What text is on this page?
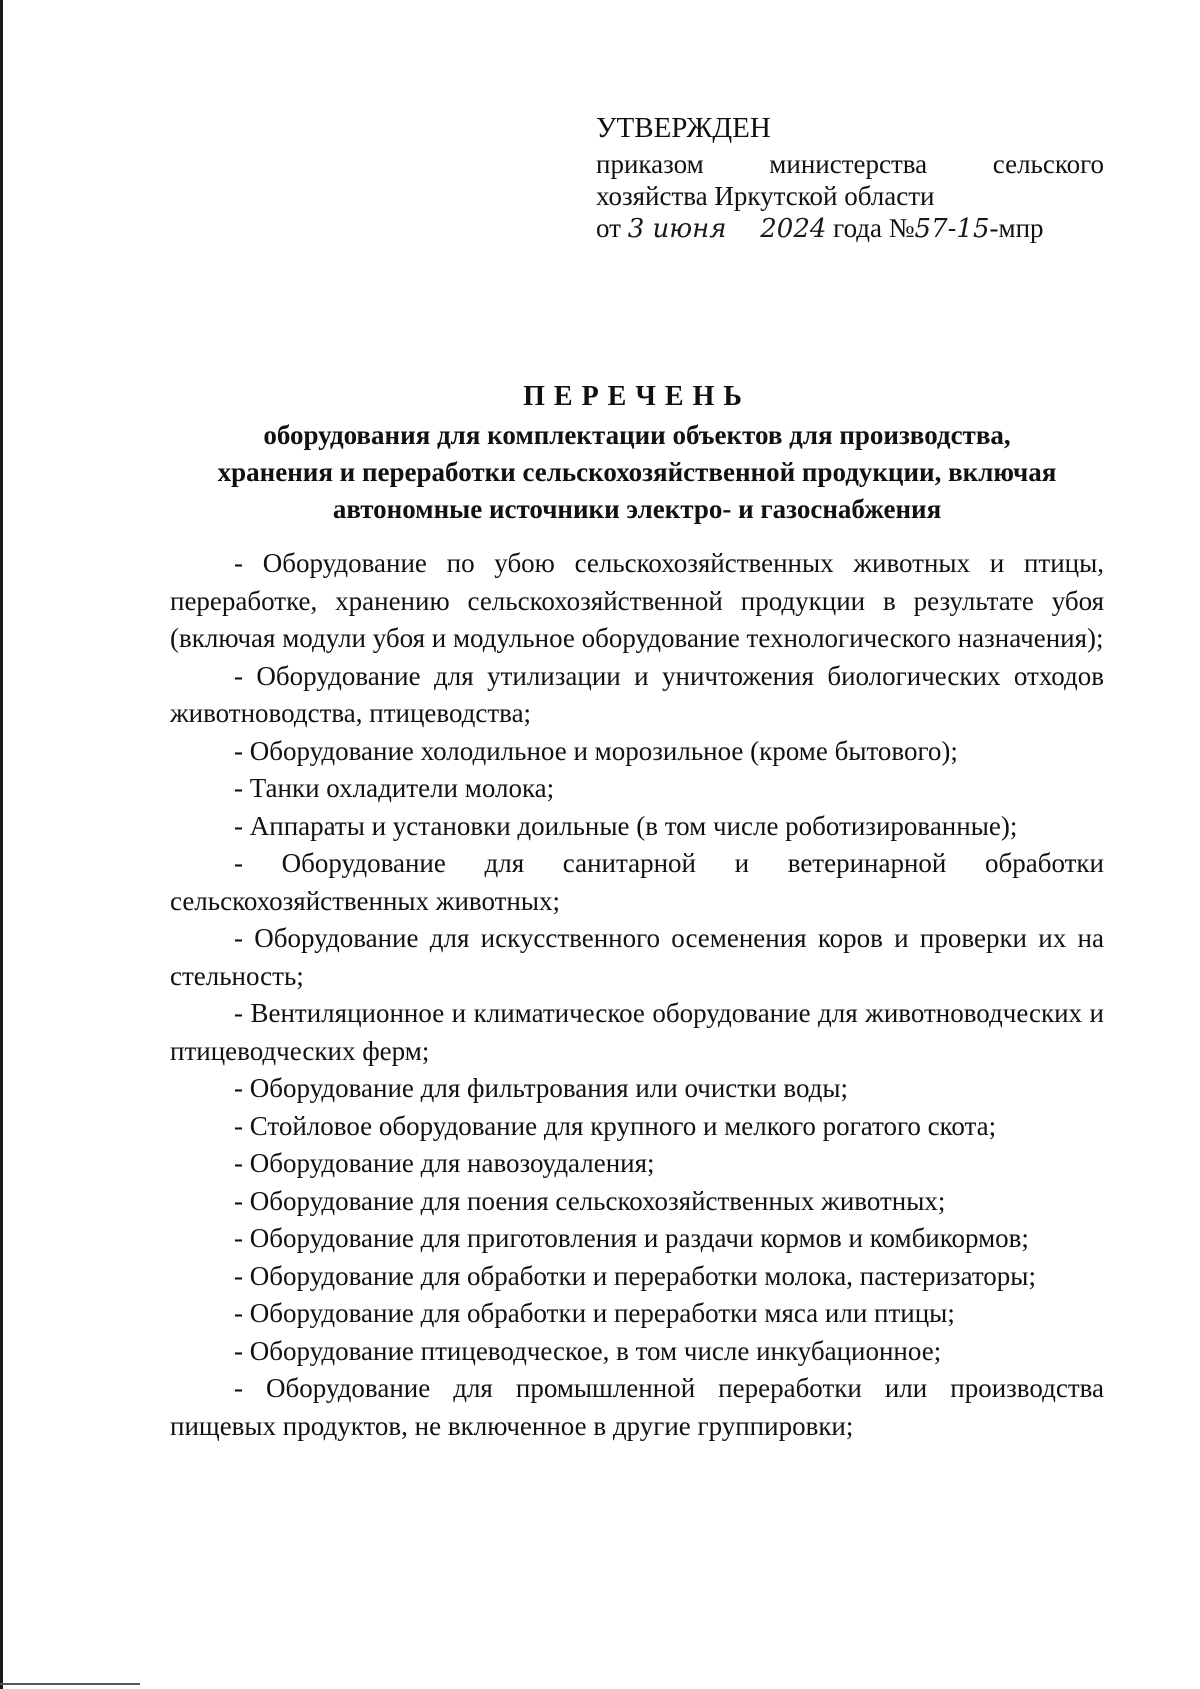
УТВЕРЖДЕН
приказом министерства сельского
хозяйства Иркутской области
от 3 июня 2024 года №57-15-мпр
ПЕРЕЧЕНЬ
оборудования для комплектации объектов для производства,
хранения и переработки сельскохозяйственной продукции, включая
автономные источники электро- и газоснабжения

- Оборудование по убою сельскохозяйственных животных и птицы, переработке, хранению сельскохозяйственной продукции в результате убоя (включая модули убоя и модульное оборудование технологического назначения);

- Оборудование для утилизации и уничтожения биологических отходов животноводства, птицеводства;

- Оборудование холодильное и морозильное (кроме бытового);

- Танки охладители молока;

- Аппараты и установки доильные (в том числе роботизированные);

- Оборудование для санитарной и ветеринарной обработки сельскохозяйственных животных;

- Оборудование для искусственного осеменения коров и проверки их на стельность;

- Вентиляционное и климатическое оборудование для животноводческих и птицеводческих ферм;

- Оборудование для фильтрования или очистки воды;

- Стойловое оборудование для крупного и мелкого рогатого скота;

- Оборудование для навозоудаления;

- Оборудование для поения сельскохозяйственных животных;

- Оборудование для приготовления и раздачи кормов и комбикормов;

- Оборудование для обработки и переработки молока, пастеризаторы;

- Оборудование для обработки и переработки мяса или птицы;

- Оборудование птицеводческое, в том числе инкубационное;

- Оборудование для промышленной переработки или производства пищевых продуктов, не включенное в другие группировки;
